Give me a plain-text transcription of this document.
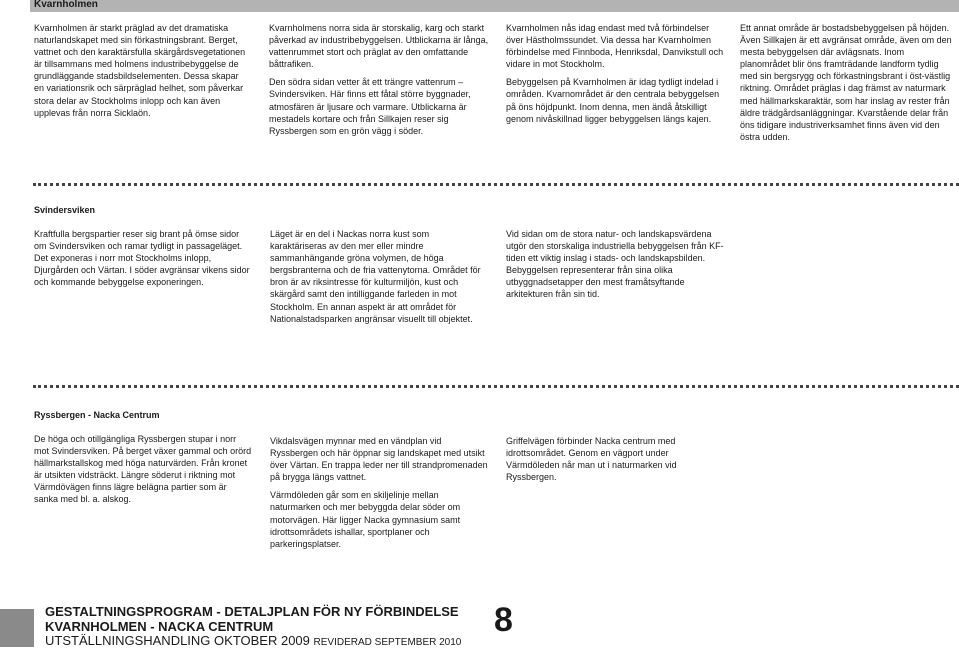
Kvarnholmen

Kvarnholmen är starkt präglad av det dramatiska naturlandskapet med sin förkastningsbrant. Berget, vattnet och den karaktärsfulla skärgårdsvegetationen är tillsammans med holmens industribebyggelse de grundläggande stadsbildselementen. Dessa skapar en variationsrik och särpräglad helhet, som påverkar stora delar av Stockholms inlopp och kan även upplevas från norra Sicklaön.

Kvarnholmens norra sida är storskalig, karg och starkt påverkad av industribebyggelsen. Utblickarna är långa, vattenrummet stort och präglat av den omfattande båttrafiken.

Den södra sidan vetter åt ett trängre vattenrum – Svindersviken. Här finns ett fåtal större byggnader, atmosfären är ljusare och varmare. Utblickarna är mestadels kortare och från Sillkajen reser sig Ryssbergen som en grön vägg i söder.

Kvarnholmen nås idag endast med två förbindelser över Hästholmssundet. Via dessa har Kvarnholmen förbindelse med Finnboda, Henriksdal, Danvikstull och vidare in mot Stockholm.

Bebyggelsen på Kvarnholmen är idag tydligt indelad i områden. Kvarnområdet är den centrala bebyggelsen på öns höjdpunkt. Inom denna, men ändå åtskilligt genom nivåskillnad ligger bebyggelsen längs kajen.

Ett annat område är bostadsbebyggelsen på höjden. Även Sillkajen är ett avgränsat område, även om den mesta bebyggelsen där avlägsnats. Inom planområdet blir öns framträdande landform tydlig med sin bergsrygg och förkastningsbrant i öst-västlig riktning. Området präglas i dag främst av naturmark med hällmarkskaraktär, som har inslag av rester från äldre trädgårdsanläggningar. Kvarstående delar från öns tidigare industriverksamhet finns även vid den östra udden.

Svindersviken

Kraftfulla bergspartier reser sig brant på ömse sidor om Svindersviken och ramar tydligt in passageläget. Det exponeras i norr mot Stockholms inlopp, Djurgården och Värtan. I söder avgränsar vikens sidor och kommande bebyggelse exponeringen.

Läget är en del i Nackas norra kust som karaktäriseras av den mer eller mindre sammanhängande gröna volymen, de höga bergsbranterna och de fria vattenytorna. Området för bron är av riksintresse för kulturmiljön, kust och skärgård samt den intilliggande farleden in mot Stockholm. En annan aspekt är att området för Nationalstadsparken angränsar visuellt till objektet.

Vid sidan om de stora natur- och landskapsvärdena utgör den storskaliga industriella bebyggelsen från KF-tiden ett viktig inslag i stads- och landskapsbilden. Bebyggelsen representerar från sina olika utbyggnadsetapper den mest framåtsyftande arkitekturen från sin tid.

Ryssbergen - Nacka Centrum

De höga och otillgängliga Ryssbergen stupar i norr mot Svindersviken. På berget växer gammal och orörd hällmarkstallskog med höga naturvärden. Från kronet är utsikten vidsträckt. Längre söderut i riktning mot Värmdövägen finns lägre belägna partier som är sanka med bl. a. alskog.

Vikdalsvägen mynnar med en vändplan vid Ryssbergen och här öppnar sig landskapet med utsikt över Värtan. En trappa leder ner till strandpromenaden på brygga längs vattnet.

Värmdöleden går som en skiljelinje mellan naturmarken och mer bebyggda delar söder om motorvägen. Här ligger Nacka gymnasium samt idrottsområdets ishallar, sportplaner och parkeringsplatser.

Griffelvägen förbinder Nacka centrum med idrottsområdet. Genom en vägport under Värmdöleden når man ut i naturmarken vid Ryssbergen.

GESTALTNINGSPROGRAM - DETALJPLAN FÖR NY FÖRBINDELSE
KVARNHOLMEN - NACKA CENTRUM
UTSTÄLLNINGSHANDLING OKTOBER 2009 REVIDERAD SEPTEMBER 2010
8
